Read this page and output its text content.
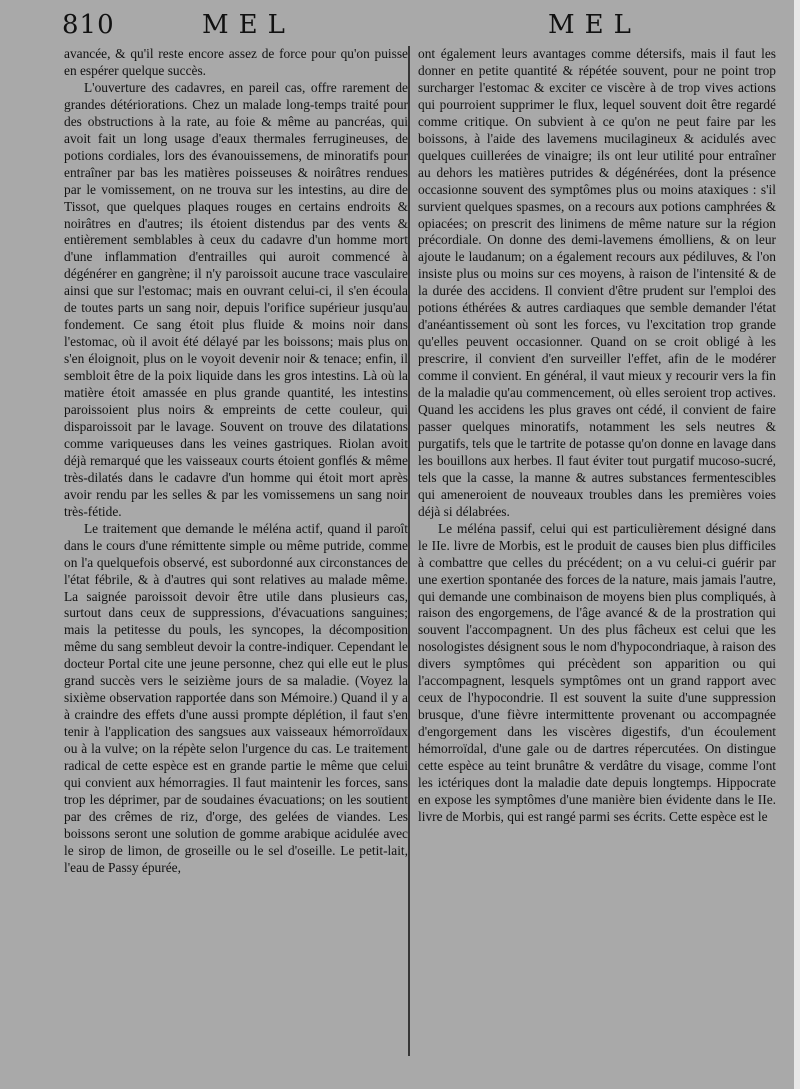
810	MEL	MEL

avancée, & qu'il reste encore assez de force pour qu'on puisse en espérer quelque succès.

L'ouverture des cadavres, en pareil cas, offre rarement de grandes détériorations. Chez un malade long-temps traité pour des obstructions à la rate, au foie & même au pancréas, qui avoit fait un long usage d'eaux thermales ferrugineuses, de potions cordiales, lors des évanouissemens, de minoratifs pour entraîner par bas les matières poisseuses & noirâtres rendues par le vomissement, on ne trouva sur les intestins, au dire de Tissot, que quelques plaques rouges en certains endroits & noirâtres en d'autres; ils étoient distendus par des vents & entièrement semblables à ceux du cadavre d'un homme mort d'une inflammation d'entrailles qui auroit commencé à dégénérer en gangrène; il n'y paroissoit aucune trace vasculaire ainsi que sur l'estomac; mais en ouvrant celui-ci, il s'en écoula de toutes parts un sang noir, depuis l'orifice supérieur jusqu'au fondement. Ce sang étoit plus fluide & moins noir dans l'estomac, où il avoit été délayé par les boissons; mais plus on s'en éloignoit, plus on le voyoit devenir noir & tenace; enfin, il sembloit être de la poix liquide dans les gros intestins. Là où la matière étoit amassée en plus grande quantité, les intestins paroissoient plus noirs & empreints de cette couleur, qui disparoissoit par le lavage. Souvent on trouve des dilatations comme variqueuses dans les veines gastriques. Riolan avoit déjà remarqué que les vaisseaux courts étoient gonflés & même très-dilatés dans le cadavre d'un homme qui étoit mort après avoir rendu par les selles & par les vomissemens un sang noir très-fétide.

Le traitement que demande le méléna actif, quand il paroît dans le cours d'une rémittente simple ou même putride, comme on l'a quelquefois observé, est subordonné aux circonstances de l'état fébrile, & à d'autres qui sont relatives au malade même. La saignée paroissoit devoir être utile dans plusieurs cas, surtout dans ceux de suppressions, d'évacuations sanguines; mais la petitesse du pouls, les syncopes, la décomposition même du sang sembleut devoir la contre-indiquer. Cependant le docteur Portal cite une jeune personne, chez qui elle eut le plus grand succès vers le seizième jours de sa maladie. (Voyez la sixième observation rapportée dans son Mémoire.) Quand il y a à craindre des effets d'une aussi prompte déplétion, il faut s'en tenir à l'application des sangsues aux vaisseaux hémorroïdaux ou à la vulve; on la répète selon l'urgence du cas. Le traitement radical de cette espèce est en grande partie le même que celui qui convient aux hémorragies. Il faut maintenir les forces, sans trop les déprimer, par de soudaines évacuations; on les soutient par des crêmes de riz, d'orge, des gelées de viandes. Les boissons seront une solution de gomme arabique acidulée avec le sirop de limon, de groseille ou le sel d'oseille. Le petit-lait, l'eau de Passy épurée,

ont également leurs avantages comme détersifs, mais il faut les donner en petite quantité & répétée souvent, pour ne point trop surcharger l'estomac & exciter ce viscère à de trop vives actions qui pourroient supprimer le flux, lequel souvent doit être regardé comme critique. On subvient à ce qu'on ne peut faire par les boissons, à l'aide des lavemens mucilagineux & acidulés avec quelques cuillerées de vinaigre; ils ont leur utilité pour entraîner au dehors les matières putrides & dégénérées, dont la présence occasionne souvent des symptômes plus ou moins ataxiques : s'il survient quelques spasmes, on a recours aux potions camphrées & opiacées; on prescrit des linimens de même nature sur la région précordiale. On donne des demi-lavemens émolliens, & on leur ajoute le laudanum; on a également recours aux pédiluves, & l'on insiste plus ou moins sur ces moyens, à raison de l'intensité & de la durée des accidens. Il convient d'être prudent sur l'emploi des potions éthérées & autres cardiaques que semble demander l'état d'anéantissement où sont les forces, vu l'excitation trop grande qu'elles peuvent occasionner. Quand on se croit obligé à les prescrire, il convient d'en surveiller l'effet, afin de le modérer comme il convient. En général, il vaut mieux y recourir vers la fin de la maladie qu'au commencement, où elles seroient trop actives. Quand les accidens les plus graves ont cédé, il convient de faire passer quelques minoratifs, notamment les sels neutres & purgatifs, tels que le tartrite de potasse qu'on donne en lavage dans les bouillons aux herbes. Il faut éviter tout purgatif mucoso-sucré, tels que la casse, la manne & autres substances fermentescibles qui ameneroient de nouveaux troubles dans les premières voies déjà si délabrées.

Le méléna passif, celui qui est particulièrement désigné dans le IIe. livre de Morbis, est le produit de causes bien plus difficiles à combattre que celles du précédent; on a vu celui-ci guérir par une exertion spontanée des forces de la nature, mais jamais l'autre, qui demande une combinaison de moyens bien plus compliqués, à raison des engorgemens, de l'âge avancé & de la prostration qui souvent l'accompagnent. Un des plus fâcheux est celui que les nosologistes désignent sous le nom d'hypocondriaque, à raison des divers symptômes qui précèdent son apparition ou qui l'accompagnent, lesquels symptômes ont un grand rapport avec ceux de l'hypocondrie. Il est souvent la suite d'une suppression brusque, d'une fièvre intermittente provenant ou accompagnée d'engorgement dans les viscères digestifs, d'un écoulement hémorroïdal, d'une gale ou de dartres répercutées. On distingue cette espèce au teint brunâtre & verdâtre du visage, comme l'ont les ictériques dont la maladie date depuis longtemps. Hippocrate en expose les symptômes d'une manière bien évidente dans le IIe. livre de Morbis, qui est rangé parmi ses écrits. Cette espèce est le
